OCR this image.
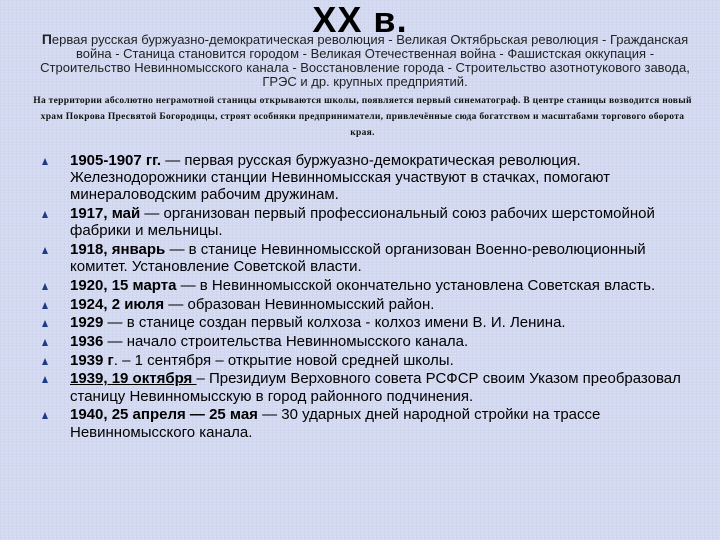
XX в.
Первая русская буржуазно-демократическая революция - Великая Октябрьская революция - Гражданская война - Станица становится городом - Великая Отечественная война - Фашистская оккупация - Строительство Невинномысского канала - Восстановление города - Строительство азотнотукового завода, ГРЭС и др. крупных предприятий.
На территории абсолютно неграмотной станицы открываются школы, появляется первый синематограф. В центре станицы возводится новый храм Покрова Пресвятой Богородицы, строят особняки предприниматели, привлечённые сюда богатством и масштабами торгового оборота края.
1905-1907 гг. — первая русская буржуазно-демократическая революция. Железнодорожники станции Невинномысская участвуют в стачках, помогают минераловодским рабочим дружинам.
1917, май — организован первый профессиональный союз рабочих шерстомойной фабрики и мельницы.
1918, январь — в станице Невинномысской организован Военно-революционный комитет. Установление Советской власти.
1920, 15 марта — в Невинномысской окончательно установлена Советская власть.
1924, 2 июля — образован Невинномысский район.
1929 — в станице создан первый колхоза - колхоз имени В. И. Ленина.
1936 — начало строительства Невинномысского канала.
1939 г. – 1 сентября – открытие новой средней школы.
1939, 19 октября – Президиум Верховного совета РСФСР своим Указом преобразовал станицу Невинномысскую в город районного подчинения.
1940, 25 апреля — 25 мая — 30 ударных дней народной стройки на трассе Невинномысского канала.
